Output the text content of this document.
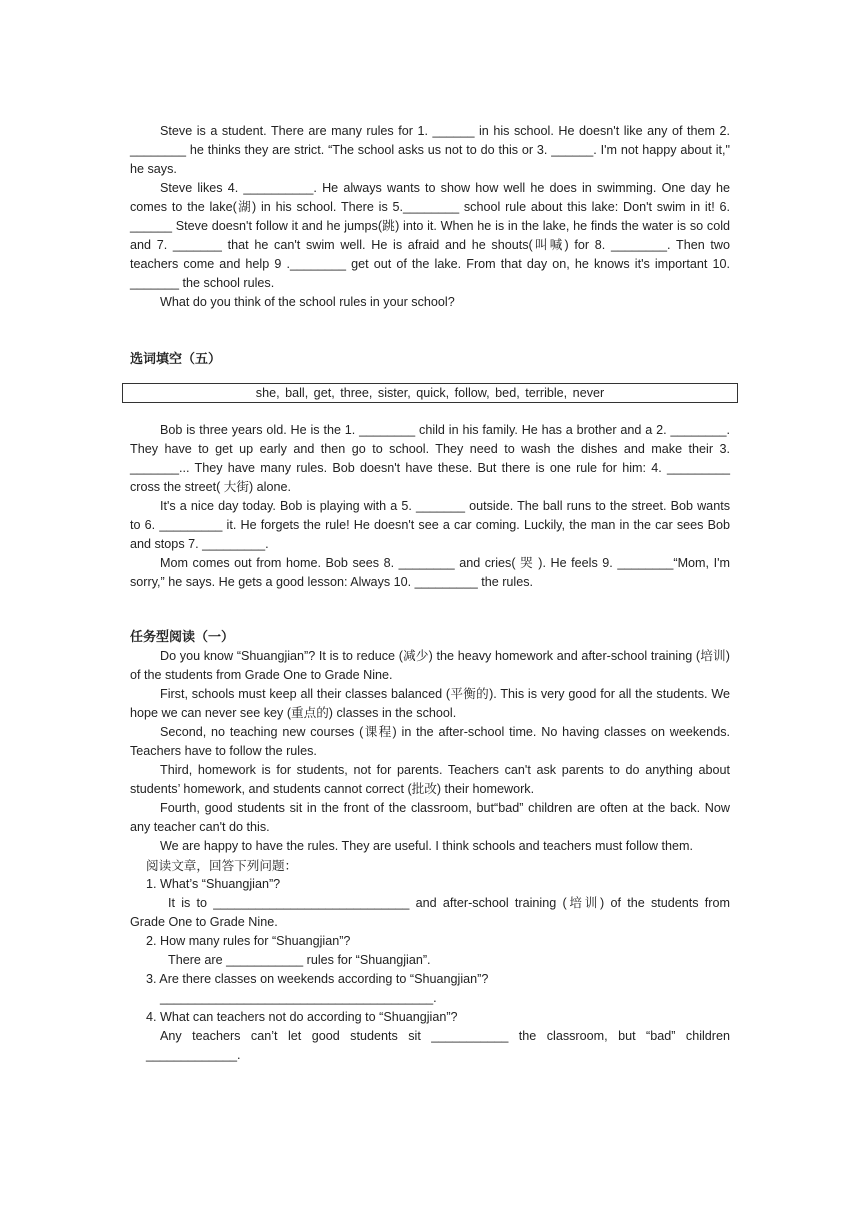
Steve is a student. There are many rules for 1. ______ in his school. He doesn't like any of them 2. ________ he thinks they are strict. “The school asks us not to do this or 3. ______. I'm not happy about it," he says.

Steve likes 4. __________. He always wants to show how well he does in swimming. One day he comes to the lake(湖) in his school. There is 5.________ school rule about this lake: Don't swim in it! 6. ______ Steve doesn't follow it and he jumps(跳) into it. When he is in the lake, he finds the water is so cold and 7. _______ that he can't swim well. He is afraid and he shouts(叫喊) for 8. ________. Then two teachers come and help 9 .________ get out of the lake. From that day on, he knows it's important 10. _______ the school rules.

What do you think of the school rules in your school?

选词填空（五）
she, ball, get, three, sister, quick, follow, bed, terrible, never

Bob is three years old. He is the 1. ________ child in his family. He has a brother and a 2. ________. They have to get up early and then go to school. They need to wash the dishes and make their 3. _______... They have many rules. Bob doesn't have these. But there is one rule for him: 4. _________ cross the street( 大街) alone.

It's a nice day today. Bob is playing with a 5. _______ outside. The ball runs to the street. Bob wants to 6. _________ it. He forgets the rule! He doesn't see a car coming. Luckily, the man in the car sees Bob and stops 7. _________.

Mom comes out from home. Bob sees 8. ________ and cries( 哭 ). He feels 9. ________“Mom, I'm sorry,” he says. He gets a good lesson: Always 10. _________ the rules.

任务型阅读（一）

Do you know “Shuangjian”? It is to reduce (减少) the heavy homework and after-school training (培训) of the students from Grade One to Grade Nine.

First, schools must keep all their classes balanced (平衡的). This is very good for all the students. We hope we can never see key (重点的) classes in the school.

Second, no teaching new courses (课程) in the after-school time. No having classes on weekends. Teachers have to follow the rules.

Third, homework is for students, not for parents. Teachers can't ask parents to do anything about students’ homework, and students cannot correct (批改) their homework.

Fourth, good students sit in the front of the classroom, but“bad” children are often at the back. Now any teacher can't do this.

We are happy to have the rules. They are useful. I think schools and teachers must follow them.

阅读文章，回答下列问题：

1. What’s “Shuangjian”?

It is to ____________________________ and after-school training (培训) of the students from Grade One to Grade Nine.

2. How many rules for “Shuangjian”?

There are ___________ rules for “Shuangjian”.

3. Are there classes on weekends according to “Shuangjian”?

_______________________________________.

4. What can teachers not do according to “Shuangjian”?

Any teachers can’t let good students sit ___________ the classroom, but “bad” children _____________.
